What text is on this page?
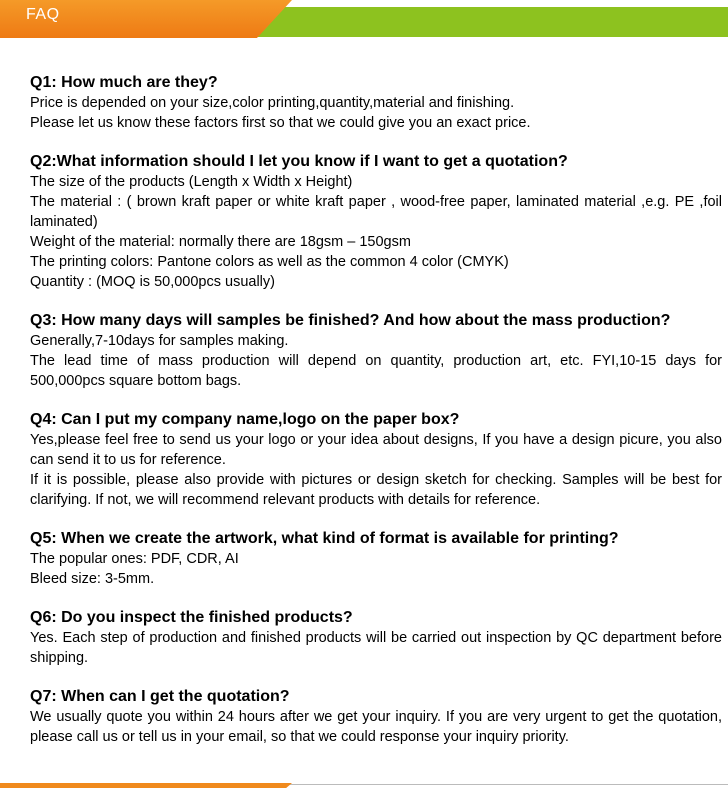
FAQ
Q1: How much are they?

Price is depended on your size,color printing,quantity,material and finishing.

Please let us know these factors first so that we could give you an exact price.

Q2:What information should I let you know if I want to get a quotation?

The size of the products (Length x Width x Height)

The material : ( brown kraft paper or white kraft paper , wood-free paper, laminated material ,e.g. PE ,foil laminated)

Weight of the material: normally there are 18gsm – 150gsm

The printing colors: Pantone colors as well as the common 4 color (CMYK)

Quantity : (MOQ is 50,000pcs usually)

Q3: How many days will samples be finished? And how about the mass production?

Generally,7-10days for samples making.

The lead time of mass production will depend on quantity, production art, etc. FYI,10-15 days for 500,000pcs square bottom bags.

Q4: Can I put my company name,logo on the paper box?

Yes,please feel free to send us your logo or your idea about designs, If you have a design picure, you also can send it to us for reference.

If it is possible, please also provide with pictures or design sketch for checking. Samples will be best for clarifying. If not, we will recommend relevant products with details for reference.

Q5: When we create the artwork, what kind of format is available for printing?

The popular ones: PDF, CDR, AI

Bleed size: 3-5mm.

Q6: Do you inspect the finished products?

Yes. Each step of production and finished products will be carried out inspection by QC department before shipping.

Q7: When can I get the quotation?

We usually quote you within 24 hours after we get your inquiry. If you are very urgent to get the quotation, please call us or tell us in your email, so that we could response your inquiry priority.
